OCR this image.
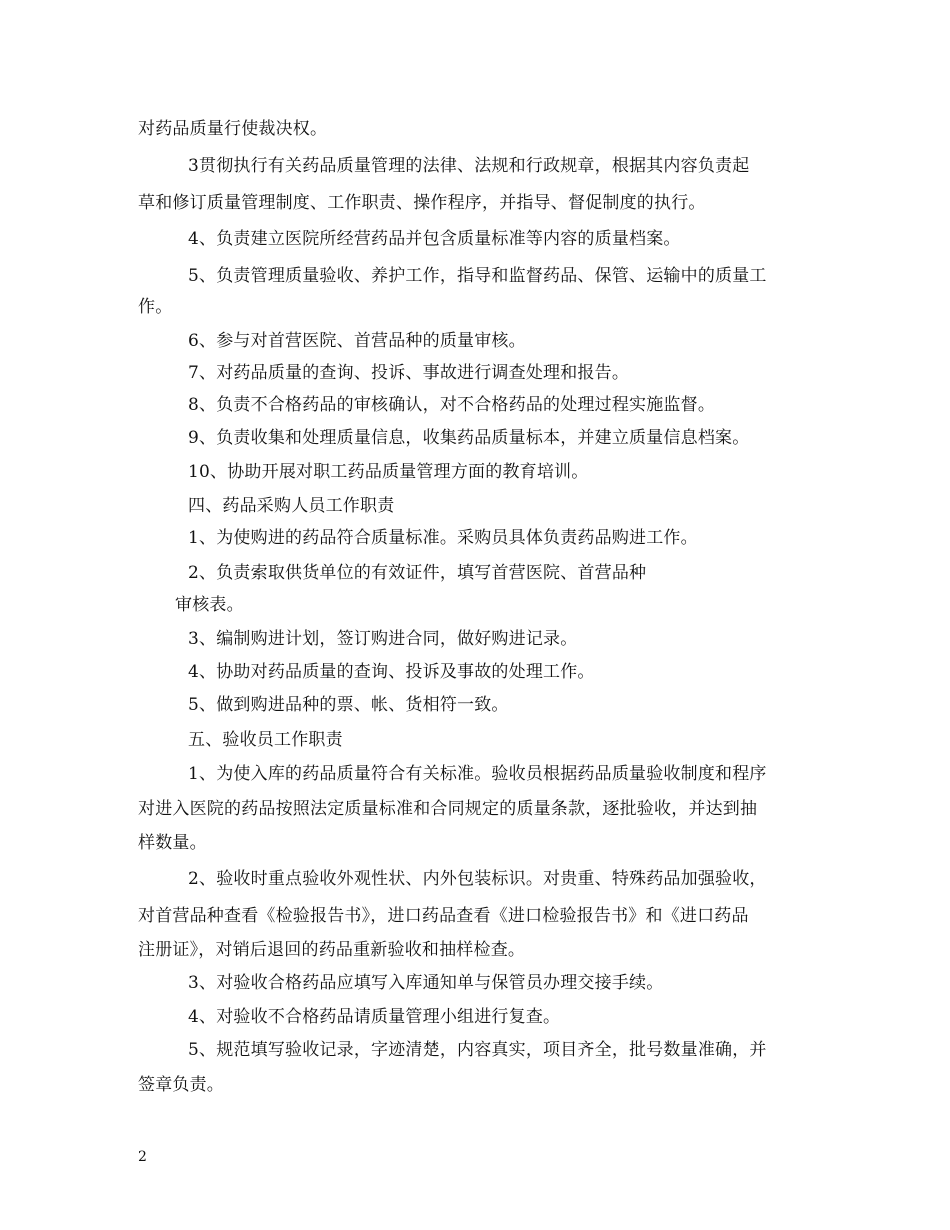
对药品质量行使裁决权。
3贯彻执行有关药品质量管理的法律、法规和行政规章，根据其内容负责起
草和修订质量管理制度、工作职责、操作程序，并指导、督促制度的执行。
4、负责建立医院所经营药品并包含质量标准等内容的质量档案。
5、负责管理质量验收、养护工作，指导和监督药品、保管、运输中的质量工
作。
6、参与对首营医院、首营品种的质量审核。
7、对药品质量的查询、投诉、事故进行调查处理和报告。
8、负责不合格药品的审核确认，对不合格药品的处理过程实施监督。
9、负责收集和处理质量信息，收集药品质量标本，并建立质量信息档案。
10、协助开展对职工药品质量管理方面的教育培训。
四、药品采购人员工作职责
1、为使购进的药品符合质量标准。采购员具体负责药品购进工作。
2、负责索取供货单位的有效证件，填写首营医院、首营品种
审核表。
3、编制购进计划，签订购进合同，做好购进记录。
4、协助对药品质量的查询、投诉及事故的处理工作。
5、做到购进品种的票、帐、货相符一致。
五、验收员工作职责
1、为使入库的药品质量符合有关标准。验收员根据药品质量验收制度和程序
对进入医院的药品按照法定质量标准和合同规定的质量条款，逐批验收，并达到抽
样数量。
2、验收时重点验收外观性状、内外包装标识。对贵重、特殊药品加强验收，
对首营品种查看《检验报告书》，进口药品查看《进口检验报告书》和《进口药品
注册证》，对销后退回的药品重新验收和抽样检查。
3、对验收合格药品应填写入库通知单与保管员办理交接手续。
4、对验收不合格药品请质量管理小组进行复查。
5、规范填写验收记录，字迹清楚，内容真实，项目齐全，批号数量准确，并
签章负责。
2
